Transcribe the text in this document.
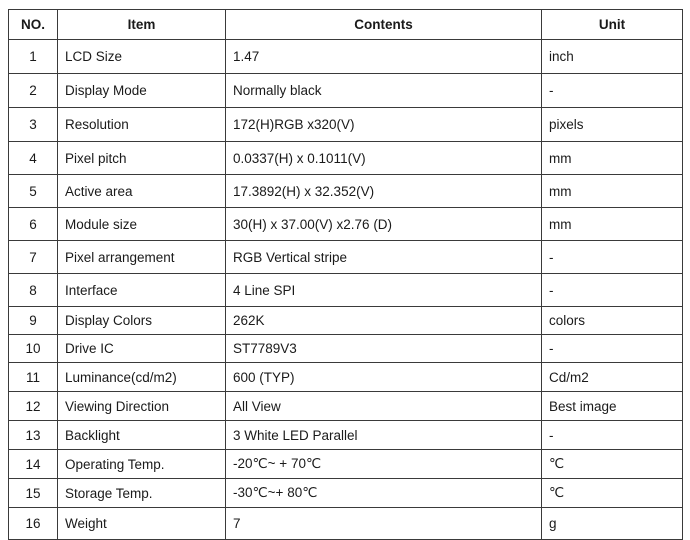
NO.	Item	Contents	Unit
1	LCD Size	1.47	inch
2	Display Mode	Normally black	-
3	Resolution	172(H)RGB x320(V)	pixels
4	Pixel pitch	0.0337(H) x 0.1011(V)	mm
5	Active area	17.3892(H) x 32.352(V)	mm
6	Module size	30(H) x 37.00(V) x2.76 (D)	mm
7	Pixel arrangement	RGB Vertical stripe	-
8	Interface	4 Line SPI	-
9	Display Colors	262K	colors
10	Drive IC	ST7789V3	-
11	Luminance(cd/m2)	600 (TYP)	Cd/m2
12	Viewing Direction	All View	Best image
13	Backlight	3 White LED Parallel	-
14	Operating Temp.	-20℃~ + 70℃	℃
15	Storage Temp.	-30℃~+ 80℃	℃
16	Weight	7	g
